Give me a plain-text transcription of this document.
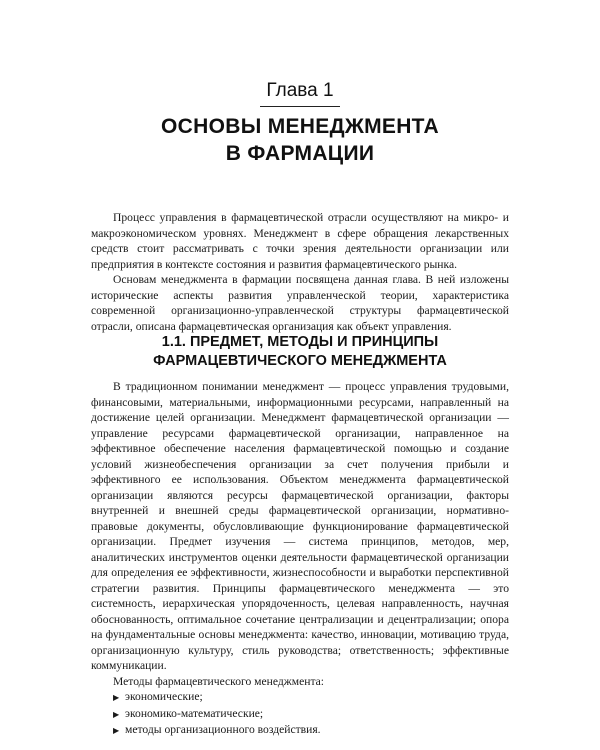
Глава 1
ОСНОВЫ МЕНЕДЖМЕНТА
В ФАРМАЦИИ

Процесс управления в фармацевтической отрасли осуществляют на микро- и макроэкономическом уровнях. Менеджмент в сфере обращения лекарственных средств стоит рассматривать с точки зрения деятельности организации или предприятия в контексте состояния и развития фармацевтического рынка.

Основам менеджмента в фармации посвящена данная глава. В ней изложены исторические аспекты развития управленческой теории, характеристика современной организационно-управленческой структуры фармацевтической отрасли, описана фармацевтическая организация как объект управления.

1.1. ПРЕДМЕТ, МЕТОДЫ И ПРИНЦИПЫ
ФАРМАЦЕВТИЧЕСКОГО МЕНЕДЖМЕНТА

В традиционном понимании менеджмент — процесс управления трудовыми, финансовыми, материальными, информационными ресурсами, направленный на достижение целей организации. Менеджмент фармацевтической организации — управление ресурсами фармацевтической организации, направленное на эффективное обеспечение населения фармацевтической помощью и создание условий жизнеобеспечения организации за счет получения прибыли и эффективного ее использования. Объектом менеджмента фармацевтической организации являются ресурсы фармацевтической организации, факторы внутренней и внешней среды фармацевтической организации, нормативно-правовые документы, обусловливающие функционирование фармацевтической организации. Предмет изучения — система принципов, методов, мер, аналитических инструментов оценки деятельности фармацевтической организации для определения ее эффективности, жизнеспособности и выработки перспективной стратегии развития. Принципы фармацевтического менеджмента — это системность, иерархическая упорядоченность, целевая направленность, научная обоснованность, оптимальное сочетание централизации и децентрализации; опора на фундаментальные основы менеджмента: качество, инновации, мотивацию труда, организационную культуру, стиль руководства; ответственность; эффективные коммуникации.

Методы фармацевтического менеджмента:

▶ экономические;
▶ экономико-математические;
▶ методы организационного воздействия.
